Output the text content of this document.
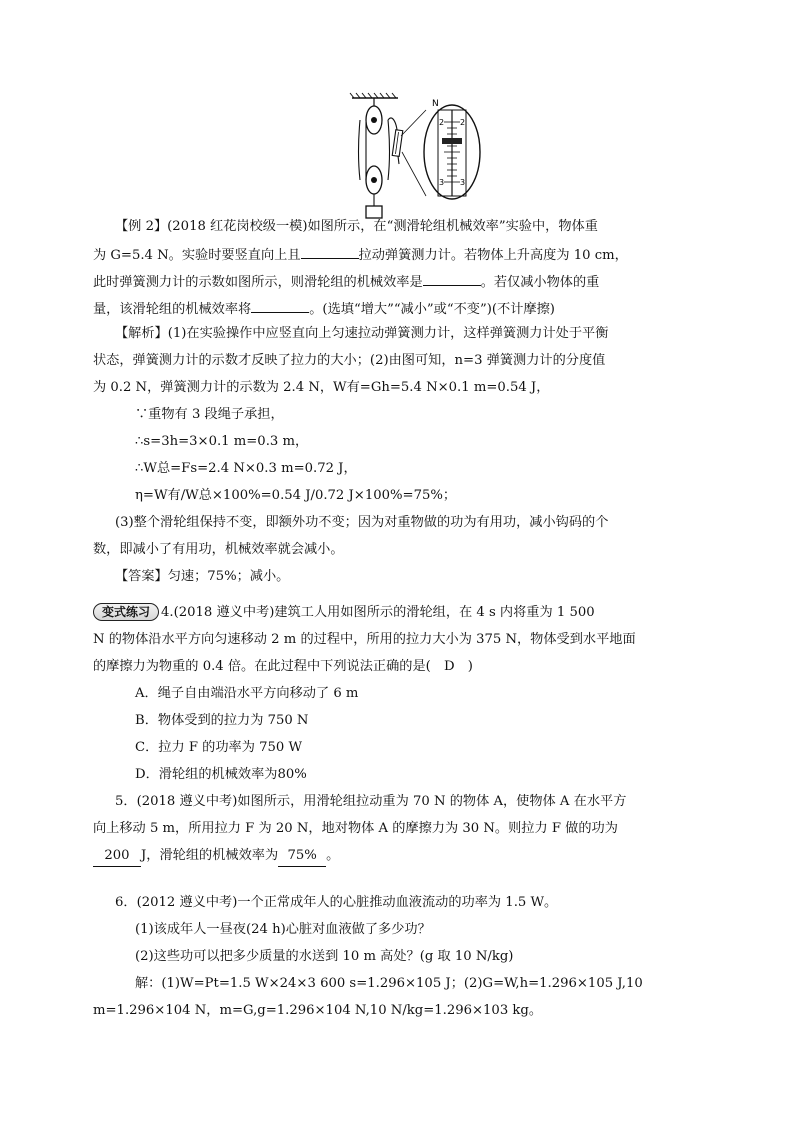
N
2 2
3 3
【例 2】(2018 红花岗校级一模)如图所示，在“测滑轮组机械效率”实验中，物体重
为 G=5.4 N。实验时要竖直向上且	拉动弹簧测力计。若物体上升高度为 10 cm，
此时弹簧测力计的示数如图所示，则滑轮组的机械效率是	。若仅减小物体的重
量，该滑轮组的机械效率将	。(选填“增大”“减小”或“不变”)(不计摩擦)
【解析】(1)在实验操作中应竖直向上匀速拉动弹簧测力计，这样弹簧测力计处于平衡
状态，弹簧测力计的示数才反映了拉力的大小；(2)由图可知，n=3 弹簧测力计的分度值
为 0.2 N，弹簧测力计的示数为 2.4 N，W有=Gh=5.4 N×0.1 m=0.54 J，
∵重物有 3 段绳子承担，
∴s=3h=3×0.1 m=0.3 m，
∴W总=Fs=2.4 N×0.3 m=0.72 J，
η=W有/W总×100%=0.54 J/0.72 J×100%=75%；
(3)整个滑轮组保持不变，即额外功不变；因为对重物做的功为有用功，减小钩码的个
数，即减小了有用功，机械效率就会减小。
【答案】匀速；75%；减小。
变式练习 4.(2018 遵义中考)建筑工人用如图所示的滑轮组，在 4 s 内将重为 1 500
N 的物体沿水平方向匀速移动 2 m 的过程中，所用的拉力大小为 375 N，物体受到水平地面
的摩擦力为物重的 0.4 倍。在此过程中下列说法正确的是(　D　)
A．绳子自由端沿水平方向移动了 6 m
B．物体受到的拉力为 750 N
C．拉力 F 的功率为 750 W
D．滑轮组的机械效率为80%
5．(2018 遵义中考)如图所示，用滑轮组拉动重为 70 N 的物体 A，使物体 A 在水平方
向上移动 5 m，所用拉力 F 为 20 N，地对物体 A 的摩擦力为 30 N。则拉力 F 做的功为
200 J，滑轮组的机械效率为 75% 。
6．(2012 遵义中考)一个正常成年人的心脏推动血液流动的功率为 1.5 W。
(1)该成年人一昼夜(24 h)心脏对血液做了多少功？
(2)这些功可以把多少质量的水送到 10 m 高处？(g 取 10 N/kg)
解：(1)W=Pt=1.5 W×24×3 600 s=1.296×105 J；(2)G=W,h=1.296×105 J,10
m=1.296×104 N，m=G,g=1.296×104 N,10 N/kg=1.296×103 kg。
